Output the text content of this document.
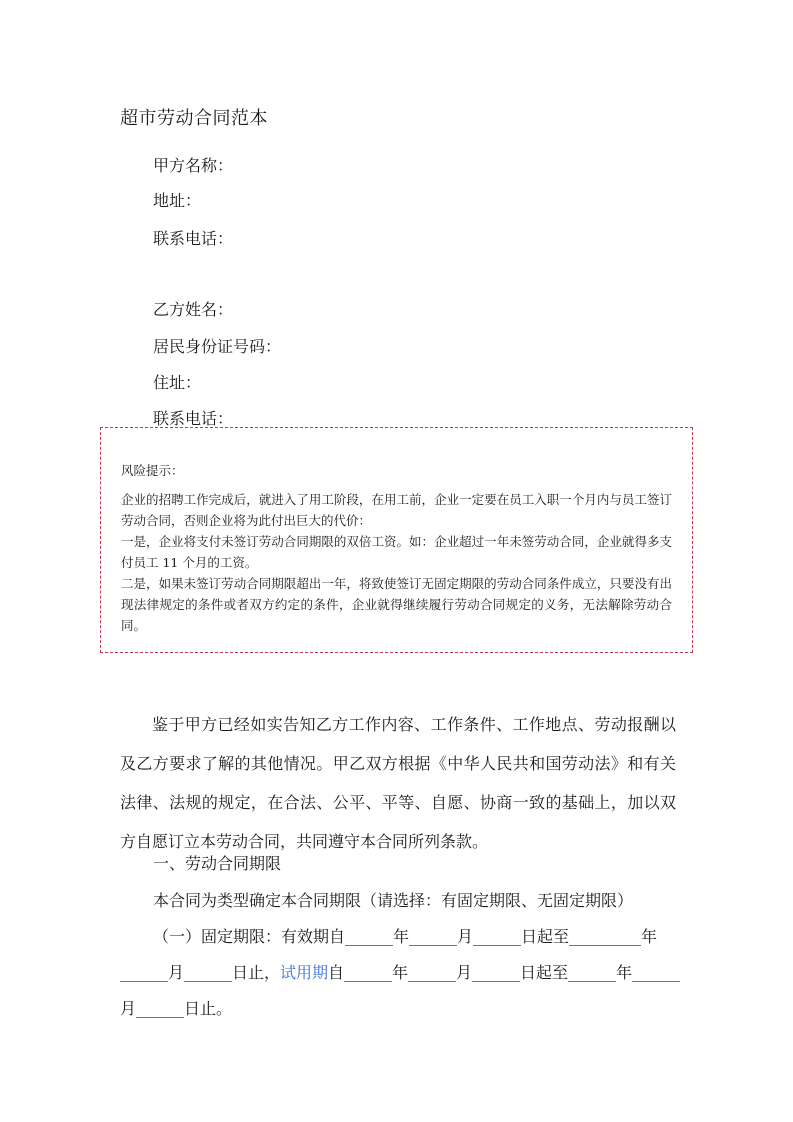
超市劳动合同范本
甲方名称：
地址：
联系电话：
乙方姓名：
居民身份证号码：
住址：
联系电话：
风险提示：

企业的招聘工作完成后，就进入了用工阶段，在用工前，企业一定要在员工入职一个月内与员工签订劳动合同，否则企业将为此付出巨大的代价：

一是，企业将支付未签订劳动合同期限的双倍工资。如：企业超过一年未签劳动合同，企业就得多支付员工 11 个月的工资。

二是，如果未签订劳动合同期限超出一年，将致使签订无固定期限的劳动合同条件成立，只要没有出现法律规定的条件或者双方约定的条件，企业就得继续履行劳动合同规定的义务，无法解除劳动合同。

鉴于甲方已经如实告知乙方工作内容、工作条件、工作地点、劳动报酬以及乙方要求了解的其他情况。甲乙双方根据《中华人民共和国劳动法》和有关法律、法规的规定，在合法、公平、平等、自愿、协商一致的基础上，加以双方自愿订立本劳动合同，共同遵守本合同所列条款。
一、劳动合同期限
本合同为类型确定本合同期限（请选择：有固定期限、无固定期限）
（一）固定期限：有效期自______年______月______日起至_________年
______月______日止，试用期自______年______月______日起至______年______
月______日止。
